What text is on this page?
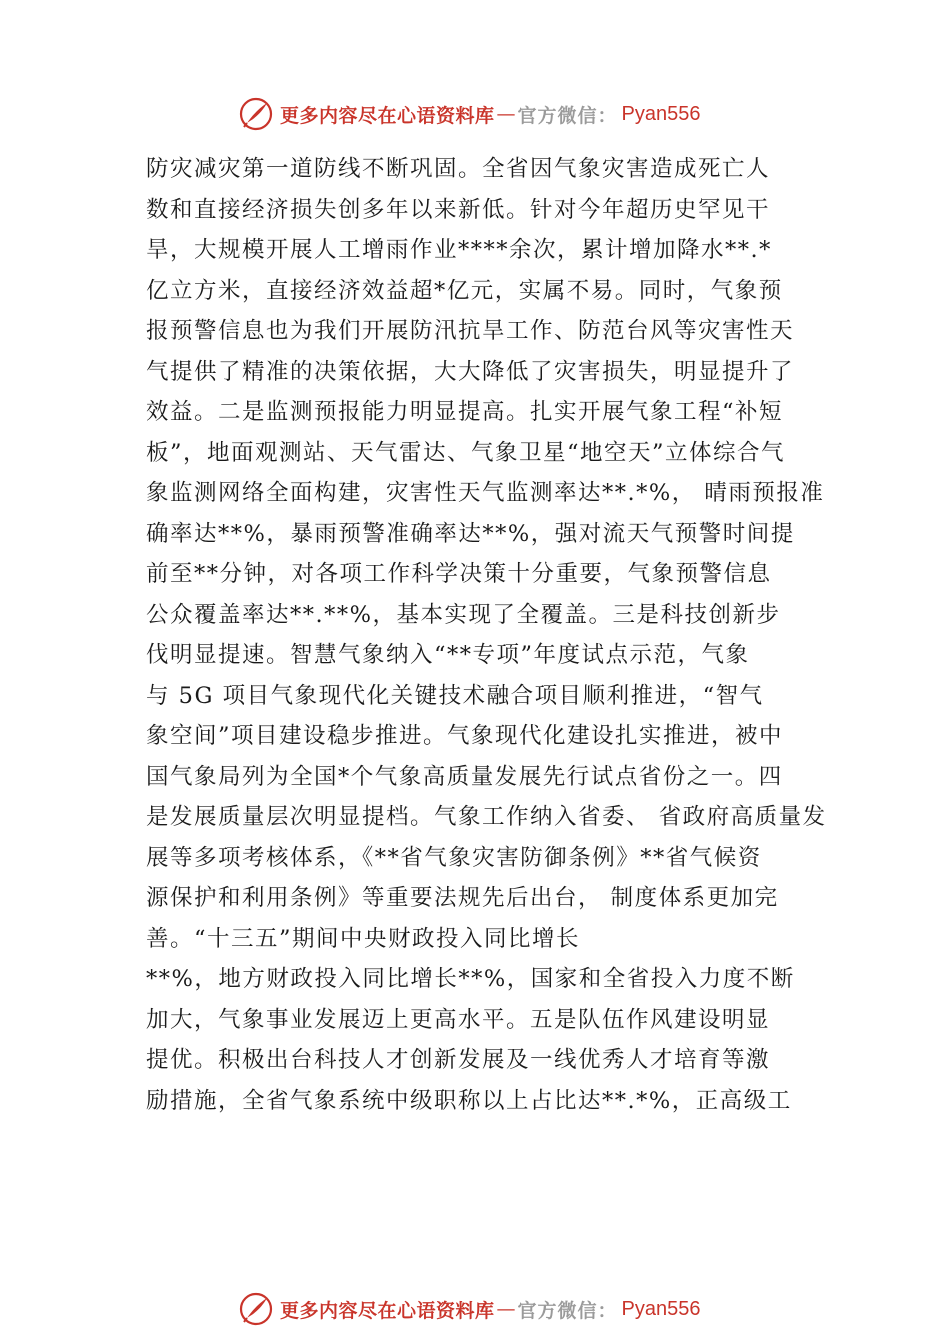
更多内容尽在心语资料库 — 官方微信： Pyan556
防灾减灾第一道防线不断巩固。全省因气象灾害造成死亡人
数和直接经济损失创多年以来新低。针对今年超历史罕见干
旱，大规模开展人工增雨作业****余次，累计增加降水**.*
亿立方米，直接经济效益超*亿元，实属不易。同时，气象预
报预警信息也为我们开展防汛抗旱工作、防范台风等灾害性天
气提供了精准的决策依据，大大降低了灾害损失，明显提升了
效益。二是监测预报能力明显提高。扎实开展气象工程“补短
板”，地面观测站、天气雷达、气象卫星“地空天”立体综合气
象监测网络全面构建，灾害性天气监测率达**.*%， 晴雨预报准
确率达**%，暴雨预警准确率达**%，强对流天气预警时间提
前至**分钟，对各项工作科学决策十分重要，气象预警信息
公众覆盖率达**.**%，基本实现了全覆盖。三是科技创新步
伐明显提速。智慧气象纳入“**专项”年度试点示范，气象
与 5G 项目气象现代化关键技术融合项目顺利推进，“智气
象空间”项目建设稳步推进。气象现代化建设扎实推进，被中
国气象局列为全国*个气象高质量发展先行试点省份之一。四
是发展质量层次明显提档。气象工作纳入省委、 省政府高质量发
展等多项考核体系，《**省气象灾害防御条例》**省气候资
源保护和利用条例》等重要法规先后出台， 制度体系更加完
善。“十三五”期间中央财政投入同比增长
**%，地方财政投入同比增长**%，国家和全省投入力度不断
加大，气象事业发展迈上更高水平。五是队伍作风建设明显
提优。积极出台科技人才创新发展及一线优秀人才培育等激
励措施，全省气象系统中级职称以上占比达**.*%，正高级工
更多内容尽在心语资料库 — 官方微信： Pyan556
